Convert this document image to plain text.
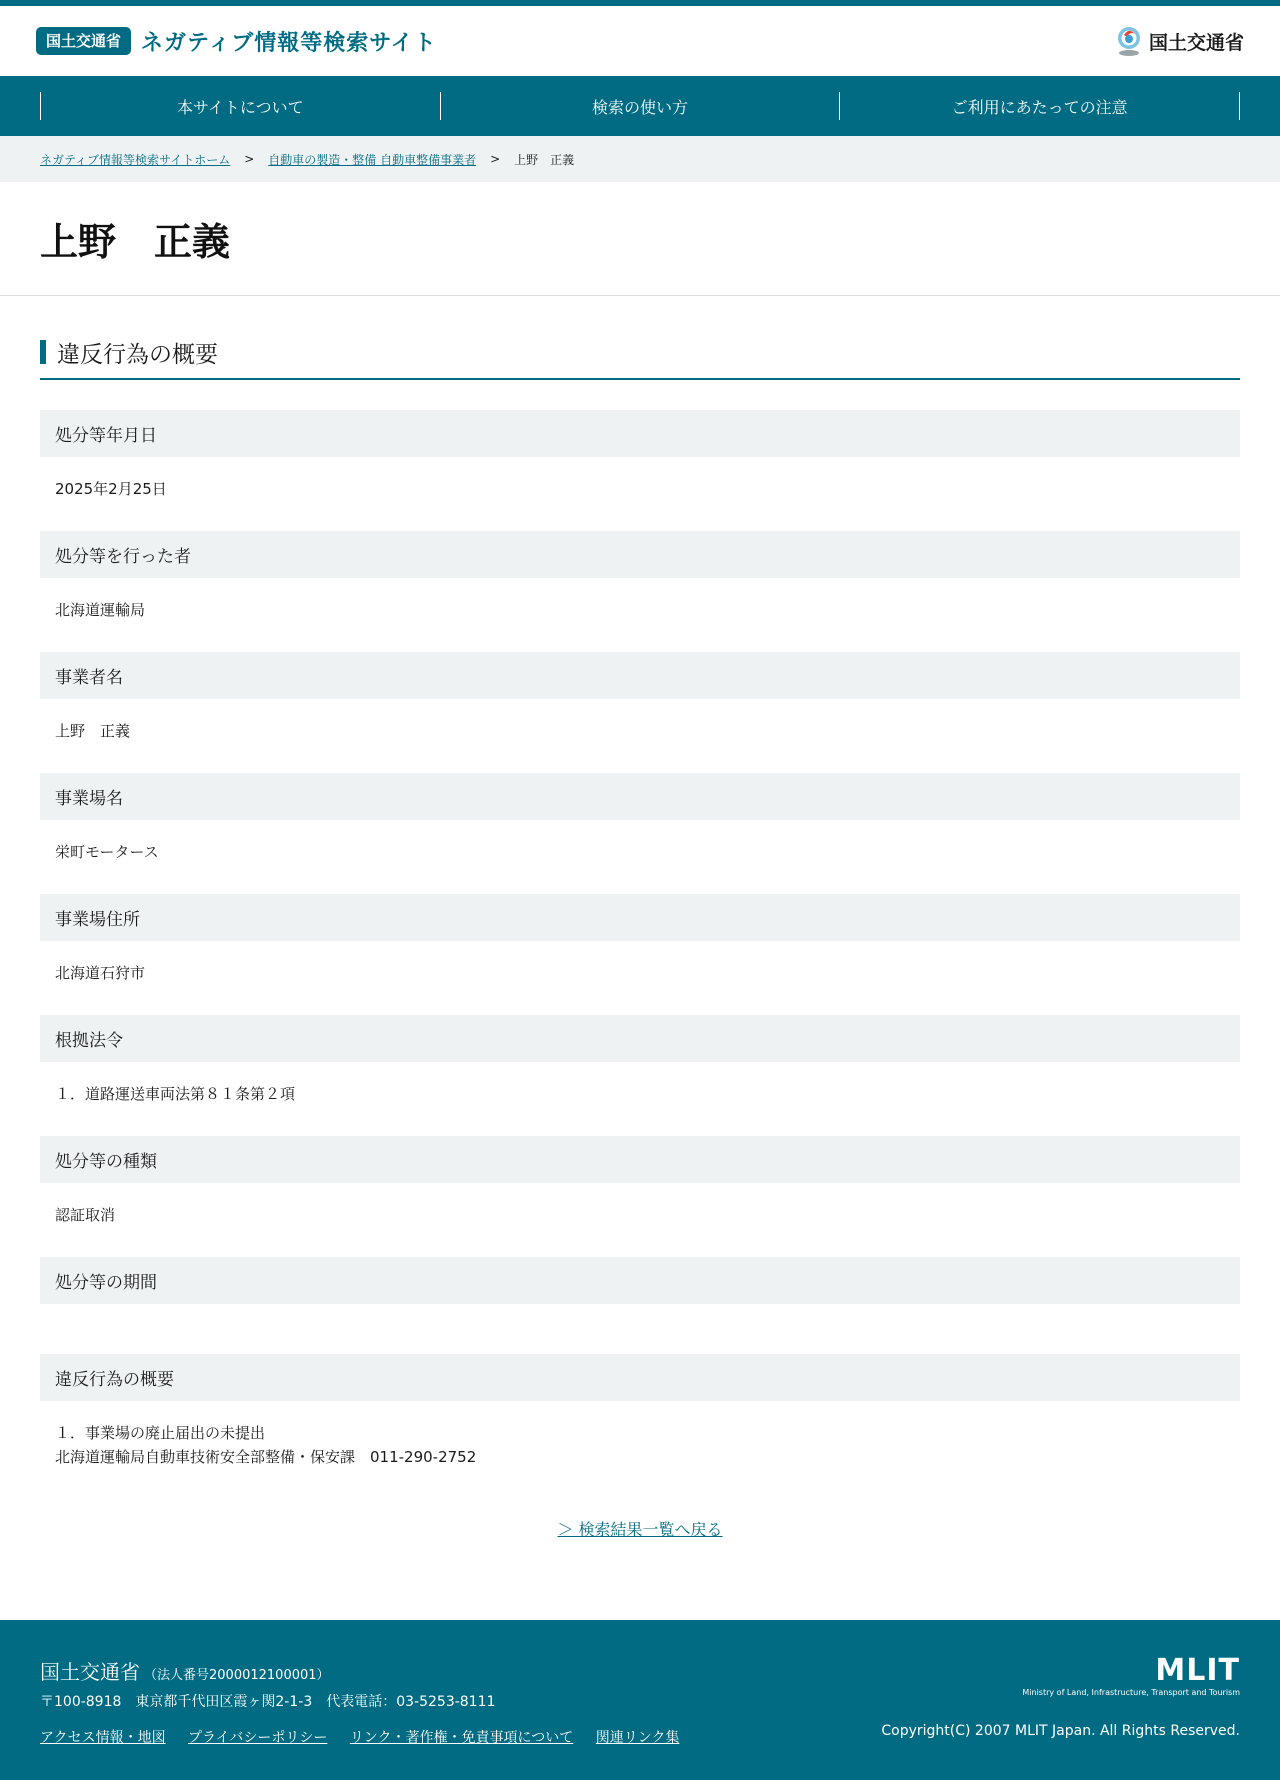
国土交通省 ネガティブ情報等検索サイト	国土交通省
本サイトについて	検索の使い方	ご利用にあたっての注意
ネガティブ情報等検索サイトホーム > 自動車の製造・整備 自動車整備事業者 > 上野　正義
上野　正義
違反行為の概要
処分等年月日
2025年2月25日
処分等を行った者
北海道運輸局
事業者名
上野　正義
事業場名
栄町モータース
事業場住所
北海道石狩市
根拠法令
１．道路運送車両法第８１条第２項
処分等の種類
認証取消
処分等の期間
違反行為の概要
１．事業場の廃止届出の未提出
北海道運輸局自動車技術安全部整備・保安課　011-290-2752
＞ 検索結果一覧へ戻る
国土交通省 （法人番号2000012100001）
〒100-8918　東京都千代田区霞ヶ関2-1-3　代表電話：03-5253-8111
アクセス情報・地図 プライバシーポリシー リンク・著作権・免責事項について 関連リンク集
MLIT
Ministry of Land, Infrastructure, Transport and Tourism
Copyright(C) 2007 MLIT Japan. All Rights Reserved.
